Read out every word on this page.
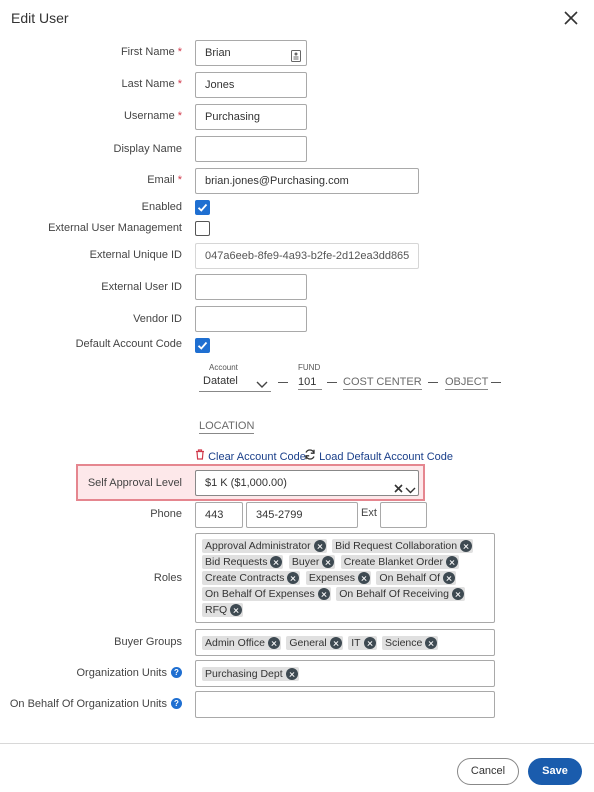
Edit User
First Name *	Brian
Last Name *	Jones
Username *	Purchasing
Display Name
Email *	brian.jones@Purchasing.com
Enabled
External User Management
External Unique ID	047a6eeb-8fe9-4a93-b2fe-2d12ea3dd865
External User ID
Vendor ID
Default Account Code
Account
Datatel
FUND
101	COST CENTER OBJECT
LOCATION
Clear Account Code	Load Default Account Code
Self Approval Level	$1 K ($1,000.00)
Phone	443	345-2799	Ext
Roles
Approval Administrator
Bid Request Collaboration
Bid Requests
Buyer
Create Blanket Order
Create Contracts
Expenses
On Behalf Of
On Behalf Of Expenses
On Behalf Of Receiving
RFQ
Buyer Groups Admin Office
General
IT
Science
Organization Units ? Purchasing Dept
On Behalf Of Organization Units ?
Cancel	Save
